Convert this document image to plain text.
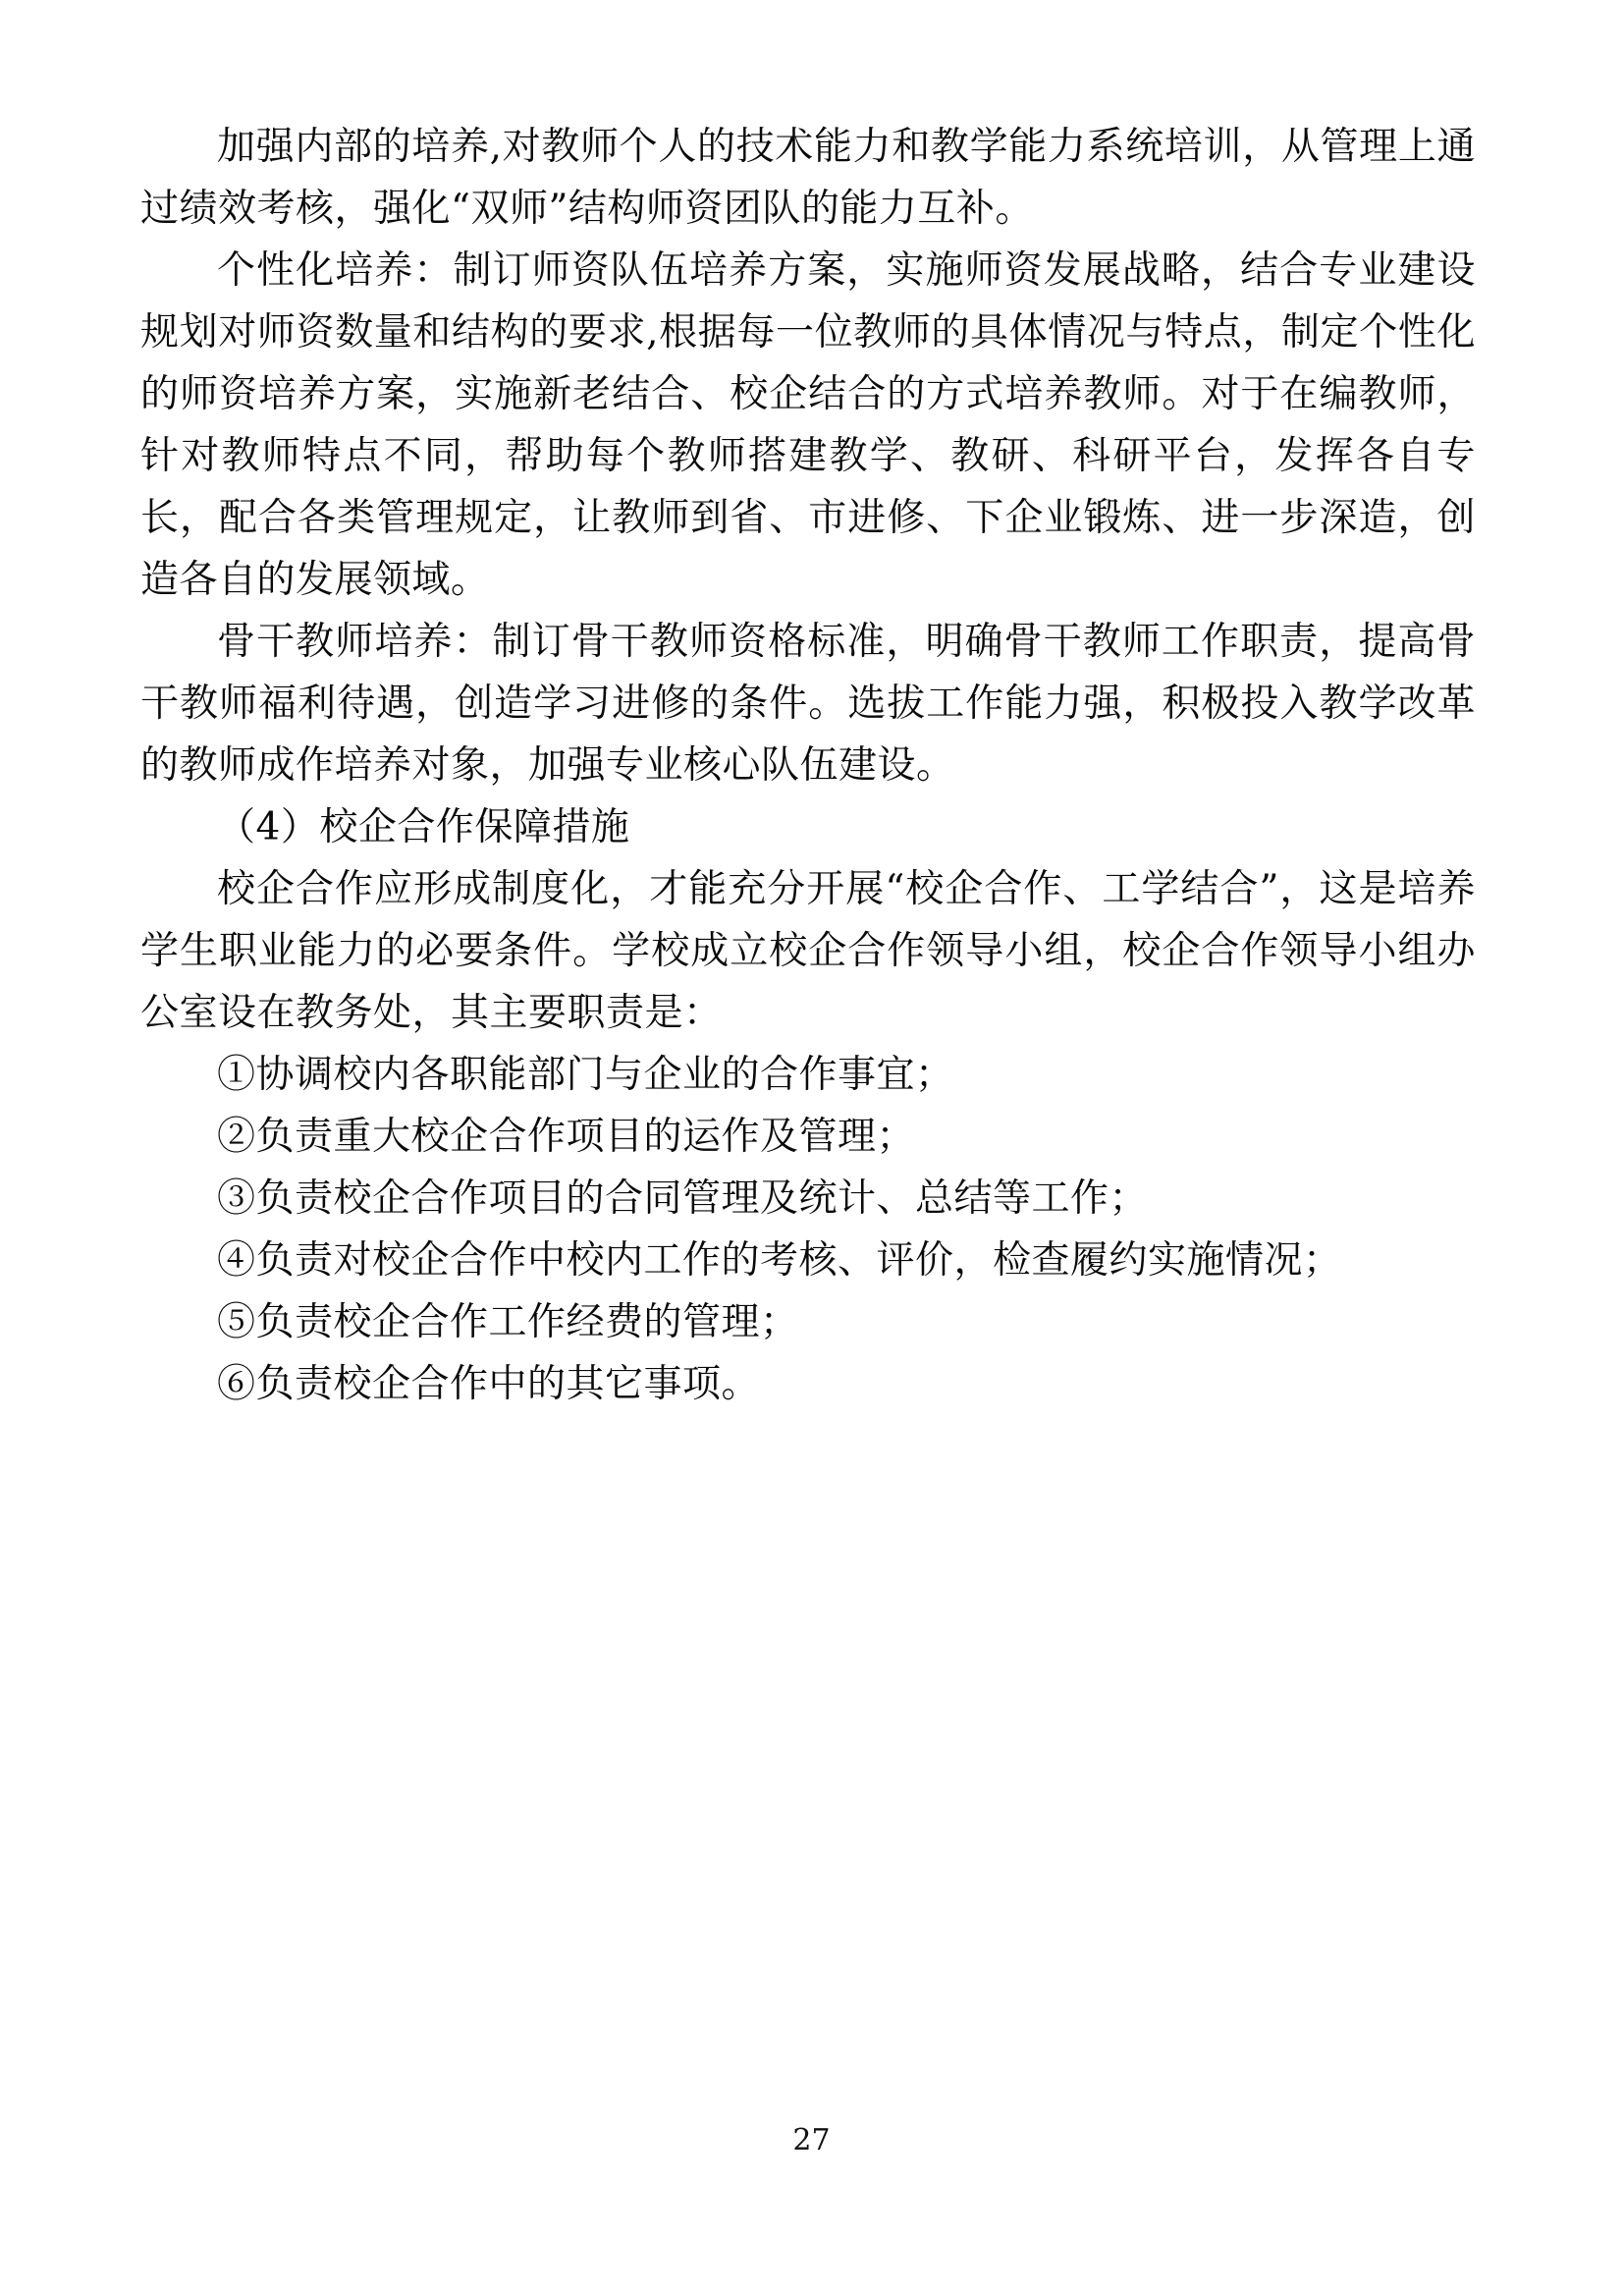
加强内部的培养,对教师个人的技术能力和教学能力系统培训，从管理上通过绩效考核，强化“双师”结构师资团队的能力互补。

个性化培养：制订师资队伍培养方案，实施师资发展战略，结合专业建设规划对师资数量和结构的要求,根据每一位教师的具体情况与特点，制定个性化的师资培养方案，实施新老结合、校企结合的方式培养教师。对于在编教师，针对教师特点不同，帮助每个教师搭建教学、教研、科研平台，发挥各自专长，配合各类管理规定，让教师到省、市进修、下企业锻炼、进一步深造，创造各自的发展领域。

骨干教师培养：制订骨干教师资格标准，明确骨干教师工作职责，提高骨干教师福利待遇，创造学习进修的条件。选拔工作能力强，积极投入教学改革的教师成作培养对象，加强专业核心队伍建设。

（4）校企合作保障措施

校企合作应形成制度化，才能充分开展“校企合作、工学结合”，这是培养学生职业能力的必要条件。学校成立校企合作领导小组，校企合作领导小组办公室设在教务处，其主要职责是：

①协调校内各职能部门与企业的合作事宜；

②负责重大校企合作项目的运作及管理；

③负责校企合作项目的合同管理及统计、总结等工作；

④负责对校企合作中校内工作的考核、评价，检查履约实施情况；

⑤负责校企合作工作经费的管理；

⑥负责校企合作中的其它事项。

27
